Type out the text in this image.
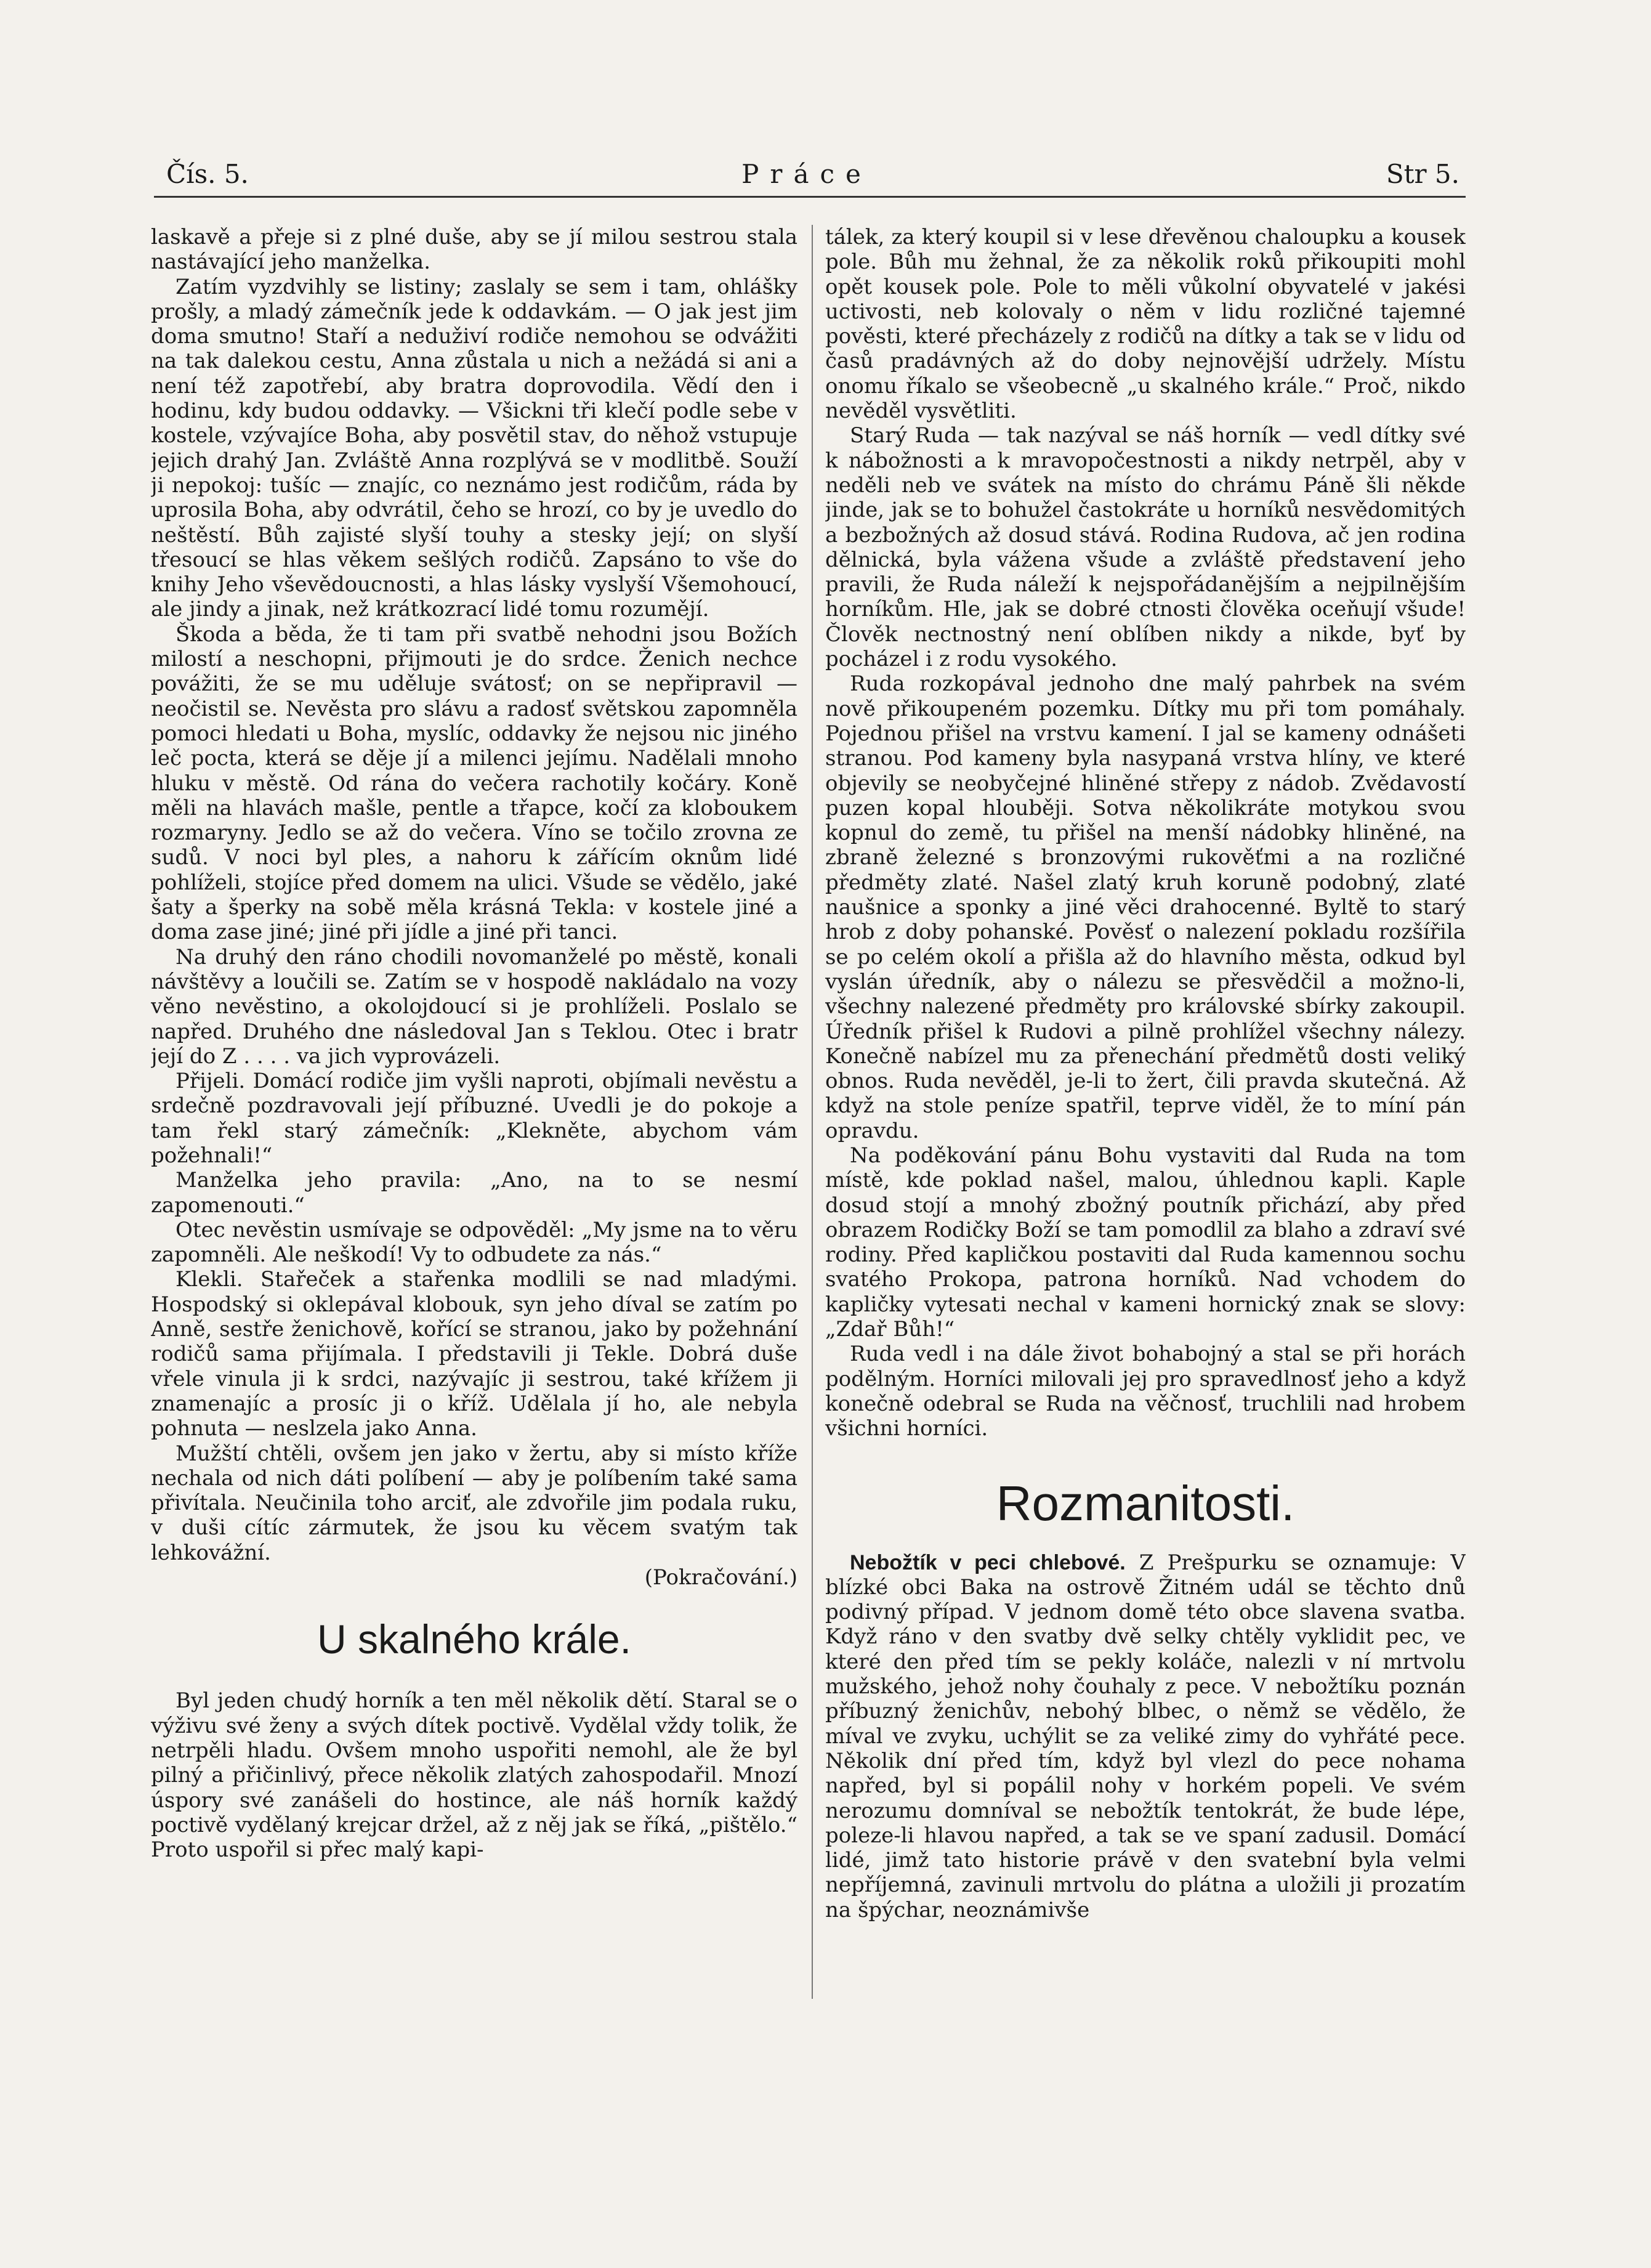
Čís. 5.	Práce	Str 5.

laskavě a přeje si z plné duše, aby se jí milou sestrou stala nastávající jeho manželka.

Zatím vyzdvihly se listiny; zaslaly se sem i tam, ohlášky prošly, a mladý zámečník jede k oddavkám. — O jak jest jim doma smutno! Staří a neduživí rodiče nemohou se odvážiti na tak dalekou cestu, Anna zůstala u nich a nežádá si ani a není též zapotřebí, aby bratra doprovodila. Vědí den i hodinu, kdy budou oddavky. — Všickni tři klečí podle sebe v kostele, vzývajíce Boha, aby posvětil stav, do něhož vstupuje jejich drahý Jan. Zvláště Anna rozplývá se v modlitbě. Souží ji nepokoj: tušíc — znajíc, co neznámo jest rodičům, ráda by uprosila Boha, aby odvrátil, čeho se hrozí, co by je uvedlo do neštěstí. Bůh zajisté slyší touhy a stesky její; on slyší třesoucí se hlas věkem sešlých rodičů. Zapsáno to vše do knihy Jeho vševědoucnosti, a hlas lásky vyslyší Všemohoucí, ale jindy a jinak, než krátkozrací lidé tomu rozumějí.

Škoda a běda, že ti tam při svatbě nehodni jsou Božích milostí a neschopni, přijmouti je do srdce. Ženich nechce povážiti, že se mu uděluje svátosť; on se nepřipravil — neočistil se. Nevěsta pro slávu a radosť světskou zapomněla pomoci hledati u Boha, myslíc, oddavky že nejsou nic jiného leč pocta, která se děje jí a milenci jejímu. Nadělali mnoho hluku v městě. Od rána do večera rachotily kočáry. Koně měli na hlavách mašle, pentle a třapce, kočí za kloboukem rozmaryny. Jedlo se až do večera. Víno se točilo zrovna ze sudů. V noci byl ples, a nahoru k zářícím oknům lidé pohlíželi, stojíce před domem na ulici. Všude se vědělo, jaké šaty a šperky na sobě měla krásná Tekla: v kostele jiné a doma zase jiné; jiné při jídle a jiné při tanci.

Na druhý den ráno chodili novomanželé po městě, konali návštěvy a loučili se. Zatím se v hospodě nakládalo na vozy věno nevěstino, a okolojdoucí si je prohlíželi. Poslalo se napřed. Druhého dne následoval Jan s Teklou. Otec i bratr její do Z . . . . va jich vyprovázeli.

Přijeli. Domácí rodiče jim vyšli naproti, objímali nevěstu a srdečně pozdravovali její příbuzné. Uvedli je do pokoje a tam řekl starý zámečník: „Klekněte, abychom vám požehnali!“

Manželka jeho pravila: „Ano, na to se nesmí zapomenouti.“

Otec nevěstin usmívaje se odpověděl: „My jsme na to věru zapomněli. Ale neškodí! Vy to odbudete za nás.“

Klekli. Stařeček a stařenka modlili se nad mladými. Hospodský si oklepával klobouk, syn jeho díval se zatím po Anně, sestře ženichově, kořící se stranou, jako by požehnání rodičů sama přijímala. I představili ji Tekle. Dobrá duše vřele vinula ji k srdci, nazývajíc ji sestrou, také křížem ji znamenajíc a prosíc ji o kříž. Udělala jí ho, ale nebyla pohnuta — neslzela jako Anna.

Mužští chtěli, ovšem jen jako v žertu, aby si místo kříže nechala od nich dáti políbení — aby je políbením také sama přivítala. Neučinila toho arciť, ale zdvořile jim podala ruku, v duši cítíc zármutek, že jsou ku věcem svatým tak lehkovážní.

(Pokračování.)
U skalného krále.

Byl jeden chudý horník a ten měl několik dětí. Staral se o výživu své ženy a svých dítek poctivě. Vydělal vždy tolik, že netrpěli hladu. Ovšem mnoho uspořiti nemohl, ale že byl pilný a přičinlivý, přece několik zlatých zahospodařil. Mnozí úspory své zanášeli do hostince, ale náš horník každý poctivě vydělaný krejcar držel, až z něj jak se říká, „pištělo.“ Proto uspořil si přec malý kapi-

tálek, za který koupil si v lese dřevěnou chaloupku a kousek pole. Bůh mu žehnal, že za několik roků přikoupiti mohl opět kousek pole. Pole to měli vůkolní obyvatelé v jakési uctivosti, neb kolovaly o něm v lidu rozličné tajemné pověsti, které přecházely z rodičů na dítky a tak se v lidu od časů pradávných až do doby nejnovější udržely. Místu onomu říkalo se všeobecně „u skalného krále.“ Proč, nikdo nevěděl vysvětliti.

Starý Ruda — tak nazýval se náš horník — vedl dítky své k nábožnosti a k mravopočestnosti a nikdy netrpěl, aby v neděli neb ve svátek na místo do chrámu Páně šli někde jinde, jak se to bohužel častokráte u horníků nesvědomitých a bezbožných až dosud stává. Rodina Rudova, ač jen rodina dělnická, byla vážena všude a zvláště představení jeho pravili, že Ruda náleží k nejspořádanějším a nejpilnějším horníkům. Hle, jak se dobré ctnosti člověka oceňují všude! Člověk nectnostný není oblíben nikdy a nikde, byť by pocházel i z rodu vysokého.

Ruda rozkopával jednoho dne malý pahrbek na svém nově přikoupeném pozemku. Dítky mu při tom pomáhaly. Pojednou přišel na vrstvu kamení. I jal se kameny odnášeti stranou. Pod kameny byla nasypaná vrstva hlíny, ve které objevily se neobyčejné hliněné střepy z nádob. Zvědavostí puzen kopal hlouběji. Sotva několikráte motykou svou kopnul do země, tu přišel na menší nádobky hliněné, na zbraně železné s bronzovými rukověťmi a na rozličné předměty zlaté. Našel zlatý kruh koruně podobný, zlaté naušnice a sponky a jiné věci drahocenné. Byltě to starý hrob z doby pohanské. Pověsť o nalezení pokladu rozšířila se po celém okolí a přišla až do hlavního města, odkud byl vyslán úředník, aby o nálezu se přesvědčil a možno-li, všechny nalezené předměty pro královské sbírky zakoupil. Úředník přišel k Rudovi a pilně prohlížel všechny nálezy. Konečně nabízel mu za přenechání předmětů dosti veliký obnos. Ruda nevěděl, je-li to žert, čili pravda skutečná. Až když na stole peníze spatřil, teprve viděl, že to míní pán opravdu.

Na poděkování pánu Bohu vystaviti dal Ruda na tom místě, kde poklad našel, malou, úhlednou kapli. Kaple dosud stojí a mnohý zbožný poutník přichází, aby před obrazem Rodičky Boží se tam pomodlil za blaho a zdraví své rodiny. Před kapličkou postaviti dal Ruda kamennou sochu svatého Prokopa, patrona horníků. Nad vchodem do kapličky vytesati nechal v kameni hornický znak se slovy: „Zdař Bůh!“

Ruda vedl i na dále život bohabojný a stal se při horách podělným. Horníci milovali jej pro spravedlnosť jeho a když konečně odebral se Ruda na věčnosť, truchlili nad hrobem všichni horníci.

Rozmanitosti.

Nebožtík v peci chlebové. Z Prešpurku se oznamuje: V blízké obci Baka na ostrově Žitném udál se těchto dnů podivný případ. V jednom domě této obce slavena svatba. Když ráno v den svatby dvě selky chtěly vyklidit pec, ve které den před tím se pekly koláče, nalezli v ní mrtvolu mužského, jehož nohy čouhaly z pece. V nebožtíku poznán příbuzný ženichův, nebohý blbec, o němž se vědělo, že míval ve zvyku, uchýlit se za veliké zimy do vyhřáté pece. Několik dní před tím, když byl vlezl do pece nohama napřed, byl si popálil nohy v horkém popeli. Ve svém nerozumu domníval se nebožtík tentokrát, že bude lépe, poleze-li hlavou napřed, a tak se ve spaní zadusil. Domácí lidé, jimž tato historie právě v den svatební byla velmi nepříjemná, zavinuli mrtvolu do plátna a uložili ji prozatím na špýchar, neoznámivše
